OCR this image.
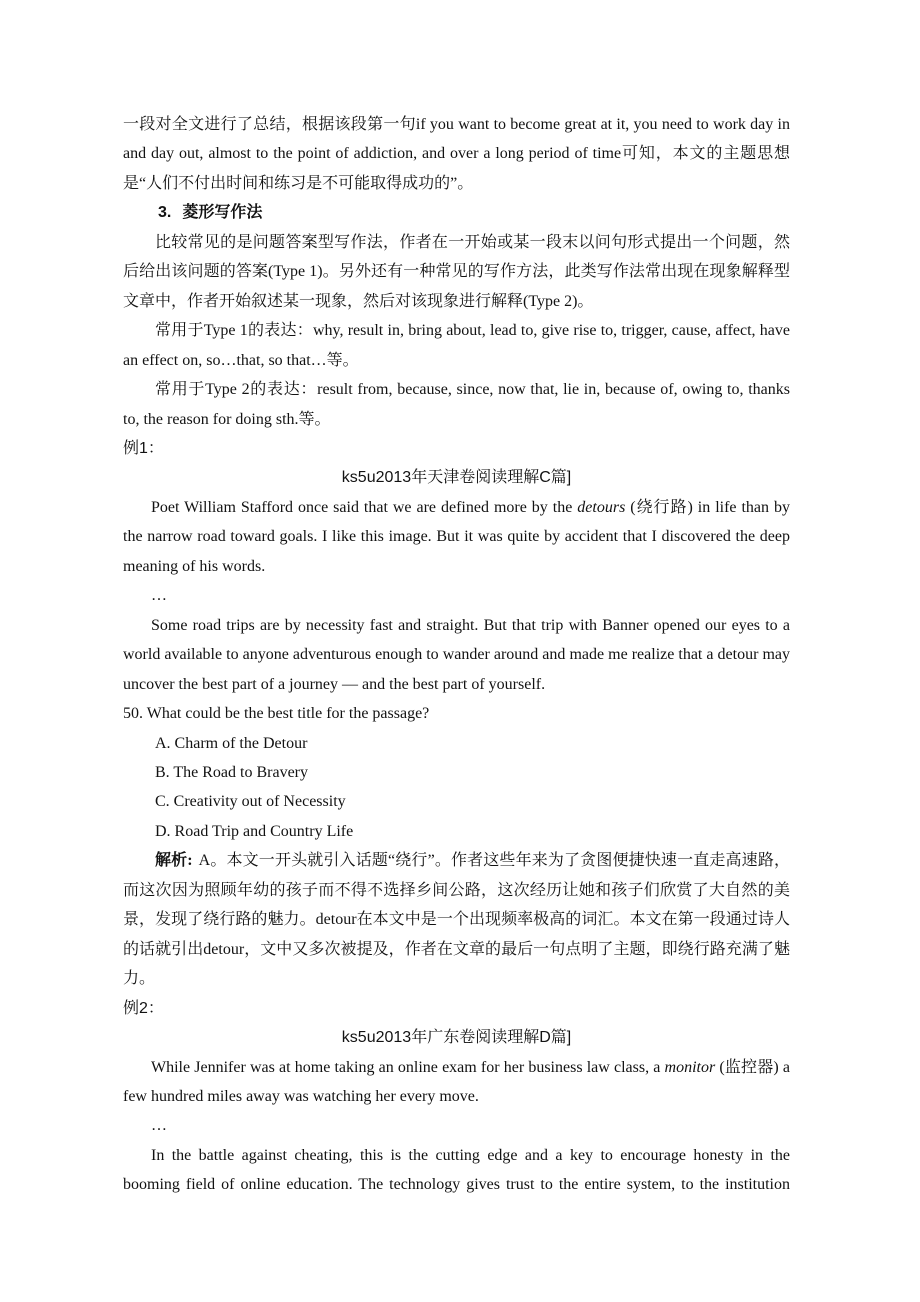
一段对全文进行了总结，根据该段第一句if you want to become great at it, you need to work day in and day out, almost to the point of addiction, and over a long period of time可知，本文的主题思想是“人们不付出时间和练习是不可能取得成功的”。

3. 菱形写作法

比较常见的是问题答案型写作法，作者在一开始或某一段末以问句形式提出一个问题，然后给出该问题的答案(Type 1)。另外还有一种常见的写作方法，此类写作法常出现在现象解释型文章中，作者开始叙述某一现象，然后对该现象进行解释(Type 2)。

常用于Type 1的表达：why, result in, bring about, lead to, give rise to, trigger, cause, affect, have an effect on, so…that, so that…等。

常用于Type 2的表达：result from, because, since, now that, lie in, because of, owing to, thanks to, the reason for doing sth.等。

例1：

ks5u2013年天津卷阅读理解C篇]

Poet William Stafford once said that we are defined more by the detours (绕行路) in life than by the narrow road toward goals. I like this image. But it was quite by accident that I discovered the deep meaning of his words.

…

Some road trips are by necessity fast and straight. But that trip with Banner opened our eyes to a world available to anyone adventurous enough to wander around and made me realize that a detour may uncover the best part of a journey — and the best part of yourself.

50. What could be the best title for the passage?

A. Charm of the Detour

B. The Road to Bravery

C. Creativity out of Necessity

D. Road Trip and Country Life

解析: A。本文一开头就引入话题“绕行”。作者这些年来为了贪图便捷快速一直走高速路，而这次因为照顾年幼的孩子而不得不选择乡间公路，这次经历让她和孩子们欣赏了大自然的美景，发现了绕行路的魅力。detour在本文中是一个出现频率极高的词汇。本文在第一段通过诗人的话就引出detour，文中又多次被提及，作者在文章的最后一句点明了主题，即绕行路充满了魅力。

例2：

ks5u2013年广东卷阅读理解D篇]

While Jennifer was at home taking an online exam for her business law class, a monitor (监控器) a few hundred miles away was watching her every move.

…

In the battle against cheating, this is the cutting edge and a key to encourage honesty in the booming field of online education. The technology gives trust to the entire system, to the institution
